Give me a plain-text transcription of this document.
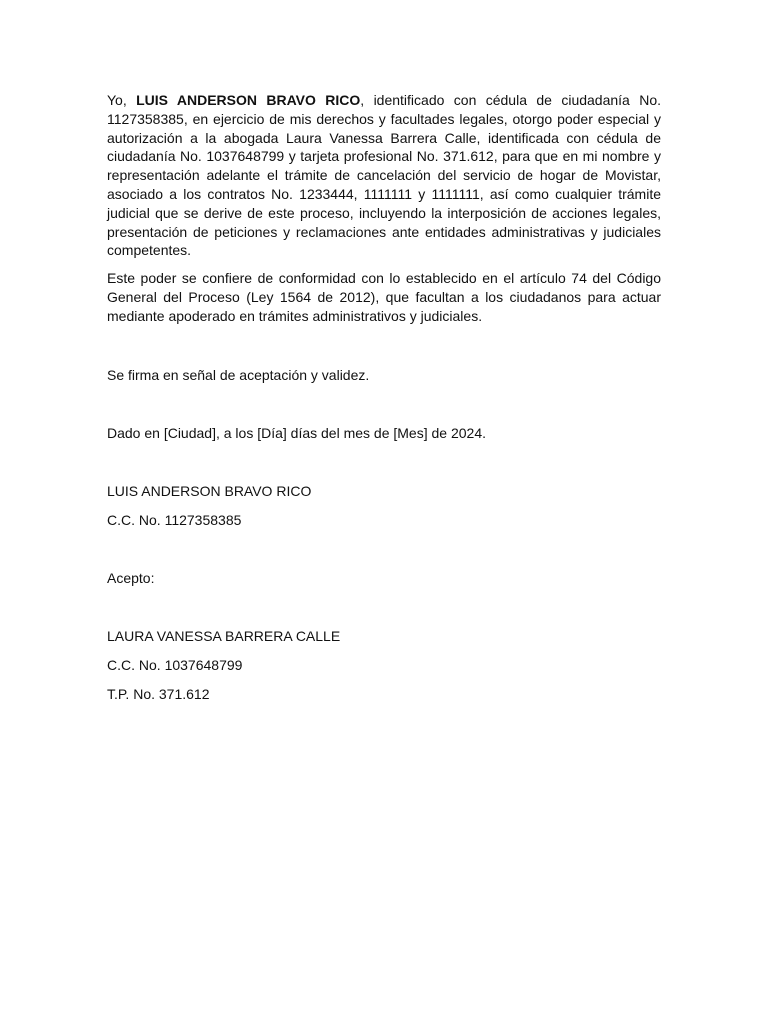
Yo, LUIS ANDERSON BRAVO RICO, identificado con cédula de ciudadanía No. 1127358385, en ejercicio de mis derechos y facultades legales, otorgo poder especial y autorización a la abogada Laura Vanessa Barrera Calle, identificada con cédula de ciudadanía No. 1037648799 y tarjeta profesional No. 371.612, para que en mi nombre y representación adelante el trámite de cancelación del servicio de hogar de Movistar, asociado a los contratos No. 1233444, 1111111 y 1111111, así como cualquier trámite judicial que se derive de este proceso, incluyendo la interposición de acciones legales, presentación de peticiones y reclamaciones ante entidades administrativas y judiciales competentes.

Este poder se confiere de conformidad con lo establecido en el artículo 74 del Código General del Proceso (Ley 1564 de 2012), que facultan a los ciudadanos para actuar mediante apoderado en trámites administrativos y judiciales.

Se firma en señal de aceptación y validez.

Dado en [Ciudad], a los [Día] días del mes de [Mes] de 2024.

LUIS ANDERSON BRAVO RICO

C.C. No. 1127358385

Acepto:

LAURA VANESSA BARRERA CALLE

C.C. No. 1037648799

T.P. No. 371.612
